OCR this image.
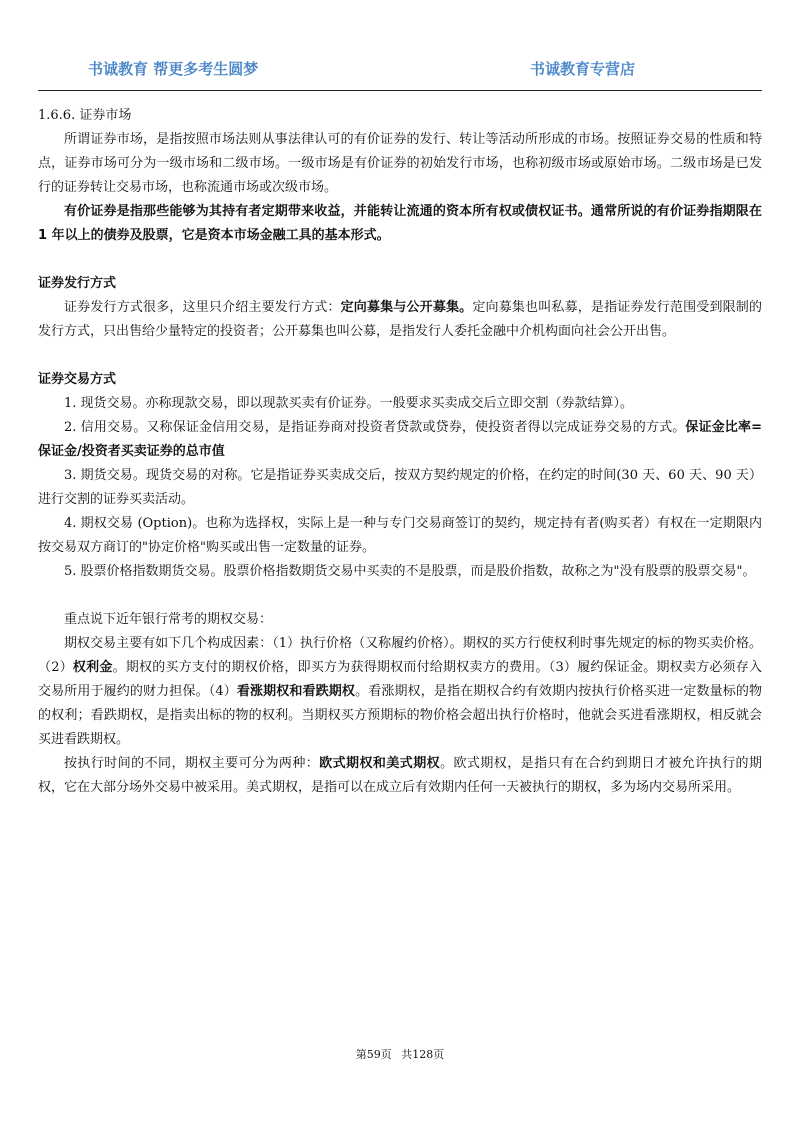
书诚教育 帮更多考生圆梦	书诚教育专营店

1.6.6. 证券市场

所谓证券市场，是指按照市场法则从事法律认可的有价证券的发行、转让等活动所形成的市场。按照证券交易的性质和特点，证券市场可分为一级市场和二级市场。一级市场是有价证券的初始发行市场，也称初级市场或原始市场。二级市场是已发行的证券转让交易市场，也称流通市场或次级市场。

有价证券是指那些能够为其持有者定期带来收益，并能转让流通的资本所有权或债权证书。通常所说的有价证券指期限在 1 年以上的债券及股票，它是资本市场金融工具的基本形式。

证券发行方式

证券发行方式很多，这里只介绍主要发行方式：定向募集与公开募集。定向募集也叫私募，是指证券发行范围受到限制的发行方式，只出售给少量特定的投资者；公开募集也叫公募，是指发行人委托金融中介机构面向社会公开出售。

证券交易方式

1. 现货交易。亦称现款交易，即以现款买卖有价证券。一般要求买卖成交后立即交割（券款结算）。

2. 信用交易。又称保证金信用交易，是指证券商对投资者贷款或贷券，使投资者得以完成证券交易的方式。保证金比率=保证金/投资者买卖证券的总市值

3. 期货交易。现货交易的对称。它是指证券买卖成交后，按双方契约规定的价格，在约定的时间(30 天、60 天、90 天）进行交割的证券买卖活动。

4. 期权交易 (Option)。也称为选择权，实际上是一种与专门交易商签订的契约，规定持有者(购买者）有权在一定期限内按交易双方商订的"协定价格"购买或出售一定数量的证券。

5. 股票价格指数期货交易。股票价格指数期货交易中买卖的不是股票，而是股价指数，故称之为"没有股票的股票交易"。

重点说下近年银行常考的期权交易：

期权交易主要有如下几个构成因素：（1）执行价格（又称履约价格）。期权的买方行使权利时事先规定的标的物买卖价格。（2）权利金。期权的买方支付的期权价格，即买方为获得期权而付给期权卖方的费用。（3）履约保证金。期权卖方必须存入交易所用于履约的财力担保。（4）看涨期权和看跌期权。看涨期权，是指在期权合约有效期内按执行价格买进一定数量标的物的权利；看跌期权，是指卖出标的物的权利。当期权买方预期标的物价格会超出执行价格时，他就会买进看涨期权，相反就会买进看跌期权。

按执行时间的不同，期权主要可分为两种：欧式期权和美式期权。欧式期权，是指只有在合约到期日才被允许执行的期权，它在大部分场外交易中被采用。美式期权，是指可以在成立后有效期内任何一天被执行的期权，多为场内交易所采用。

第59页 共128页
